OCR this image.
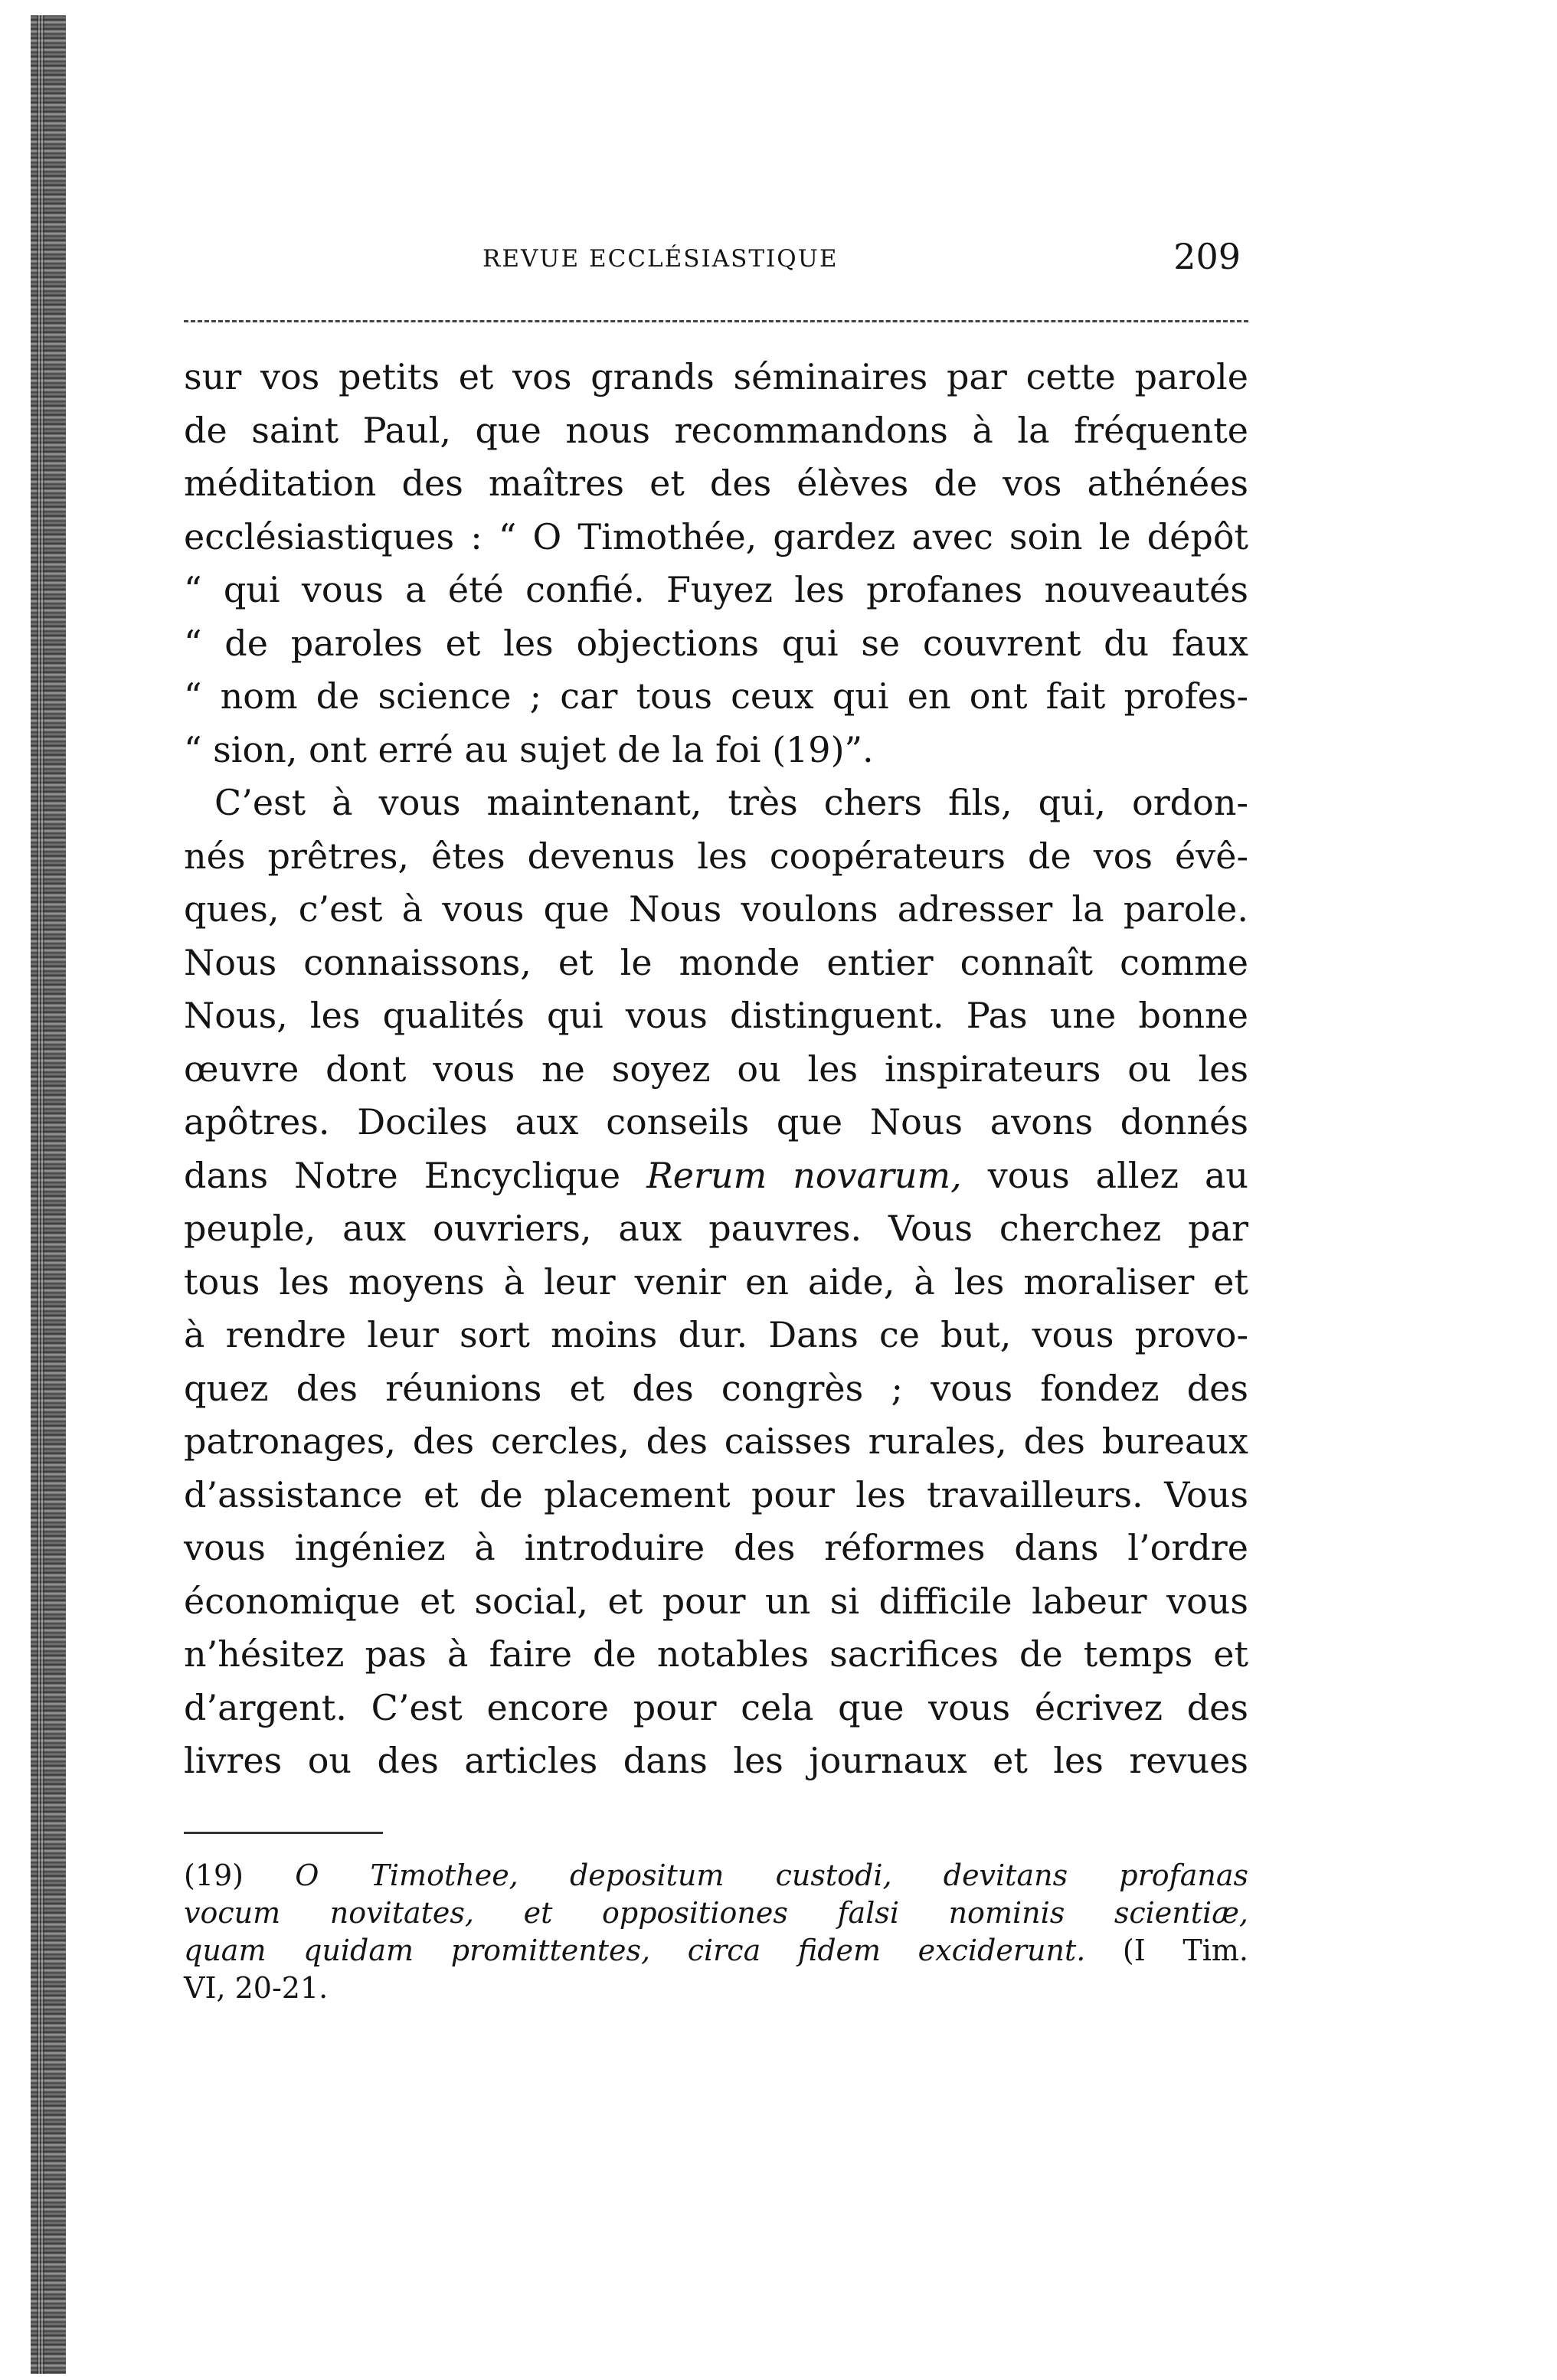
REVUE ECCLÉSIASTIQUE	209
sur vos petits et vos grands séminaires par cette parole
de saint Paul, que nous recommandons à la fréquente
méditation des maîtres et des élèves de vos athénées
ecclésiastiques : “ O Timothée, gardez avec soin le dépôt
“ qui vous a été confié. Fuyez les profanes nouveautés
“ de paroles et les objections qui se couvrent du faux
“ nom de science ; car tous ceux qui en ont fait profes-
“ sion, ont erré au sujet de la foi (19)”.
C’est à vous maintenant, très chers fils, qui, ordon-
nés prêtres, êtes devenus les coopérateurs de vos évê-
ques, c’est à vous que Nous voulons adresser la parole.
Nous connaissons, et le monde entier connaît comme
Nous, les qualités qui vous distinguent. Pas une bonne
œuvre dont vous ne soyez ou les inspirateurs ou les
apôtres. Dociles aux conseils que Nous avons donnés
dans Notre Encyclique Rerum novarum, vous allez au
peuple, aux ouvriers, aux pauvres. Vous cherchez par
tous les moyens à leur venir en aide, à les moraliser et
à rendre leur sort moins dur. Dans ce but, vous provo-
quez des réunions et des congrès ; vous fondez des
patronages, des cercles, des caisses rurales, des bureaux
d’assistance et de placement pour les travailleurs. Vous
vous ingéniez à introduire des réformes dans l’ordre
économique et social, et pour un si difficile labeur vous
n’hésitez pas à faire de notables sacrifices de temps et
d’argent. C’est encore pour cela que vous écrivez des
livres ou des articles dans les journaux et les revues
(19) O Timothee, depositum custodi, devitans profanas
vocum novitates, et oppositiones falsi nominis scientiæ,
quam quidam promittentes, circa fidem exciderunt. (I Tim.
VI, 20-21.
